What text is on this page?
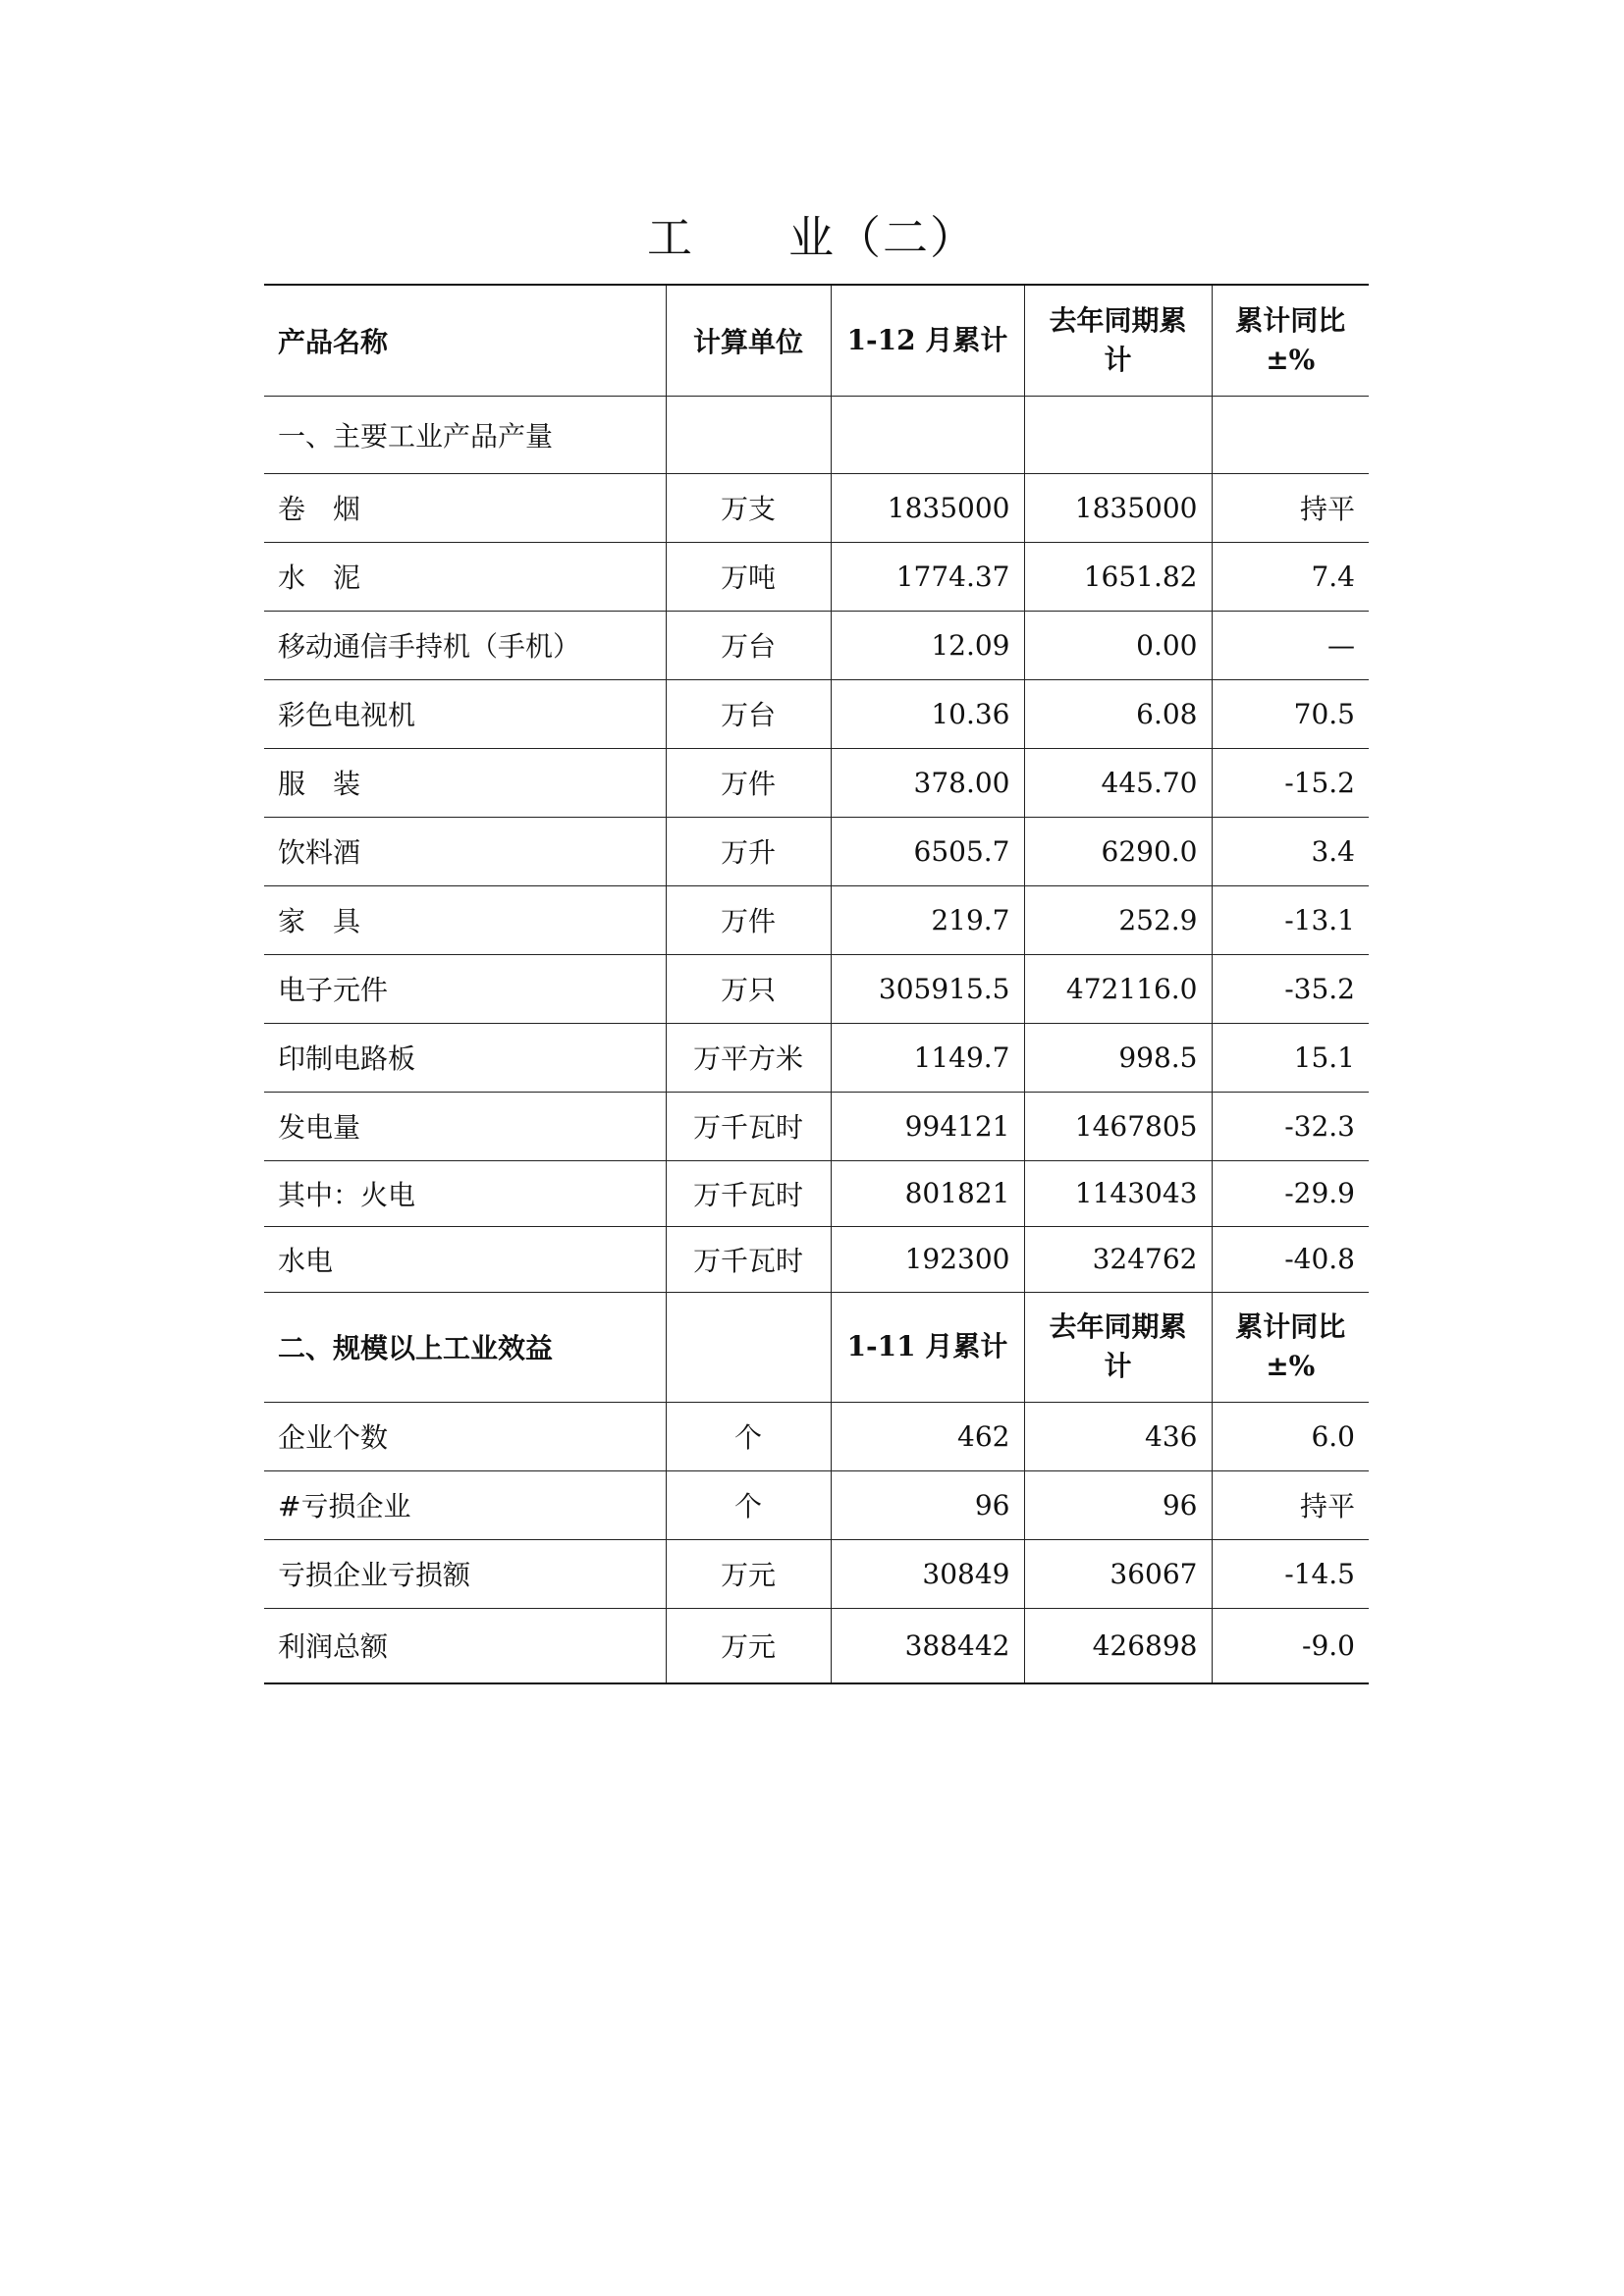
工　　业（二）
产品名称	计算单位	1-12 月累计	去年同期累计	累计同比±%
一、主要工业产品产量				
卷　烟	万支	1835000	1835000	持平
水　泥	万吨	1774.37	1651.82	7.4
移动通信手持机（手机）	万台	12.09	0.00	—
彩色电视机	万台	10.36	6.08	70.5
服　装	万件	378.00	445.70	-15.2
饮料酒	万升	6505.7	6290.0	3.4
家　具	万件	219.7	252.9	-13.1
电子元件	万只	305915.5	472116.0	-35.2
印制电路板	万平方米	1149.7	998.5	15.1
发电量	万千瓦时	994121	1467805	-32.3
其中：火电	万千瓦时	801821	1143043	-29.9
水电	万千瓦时	192300	324762	-40.8
二、规模以上工业效益		1-11 月累计	去年同期累计	累计同比±%
企业个数	个	462	436	6.0
#亏损企业	个	96	96	持平
亏损企业亏损额	万元	30849	36067	-14.5
利润总额	万元	388442	426898	-9.0
